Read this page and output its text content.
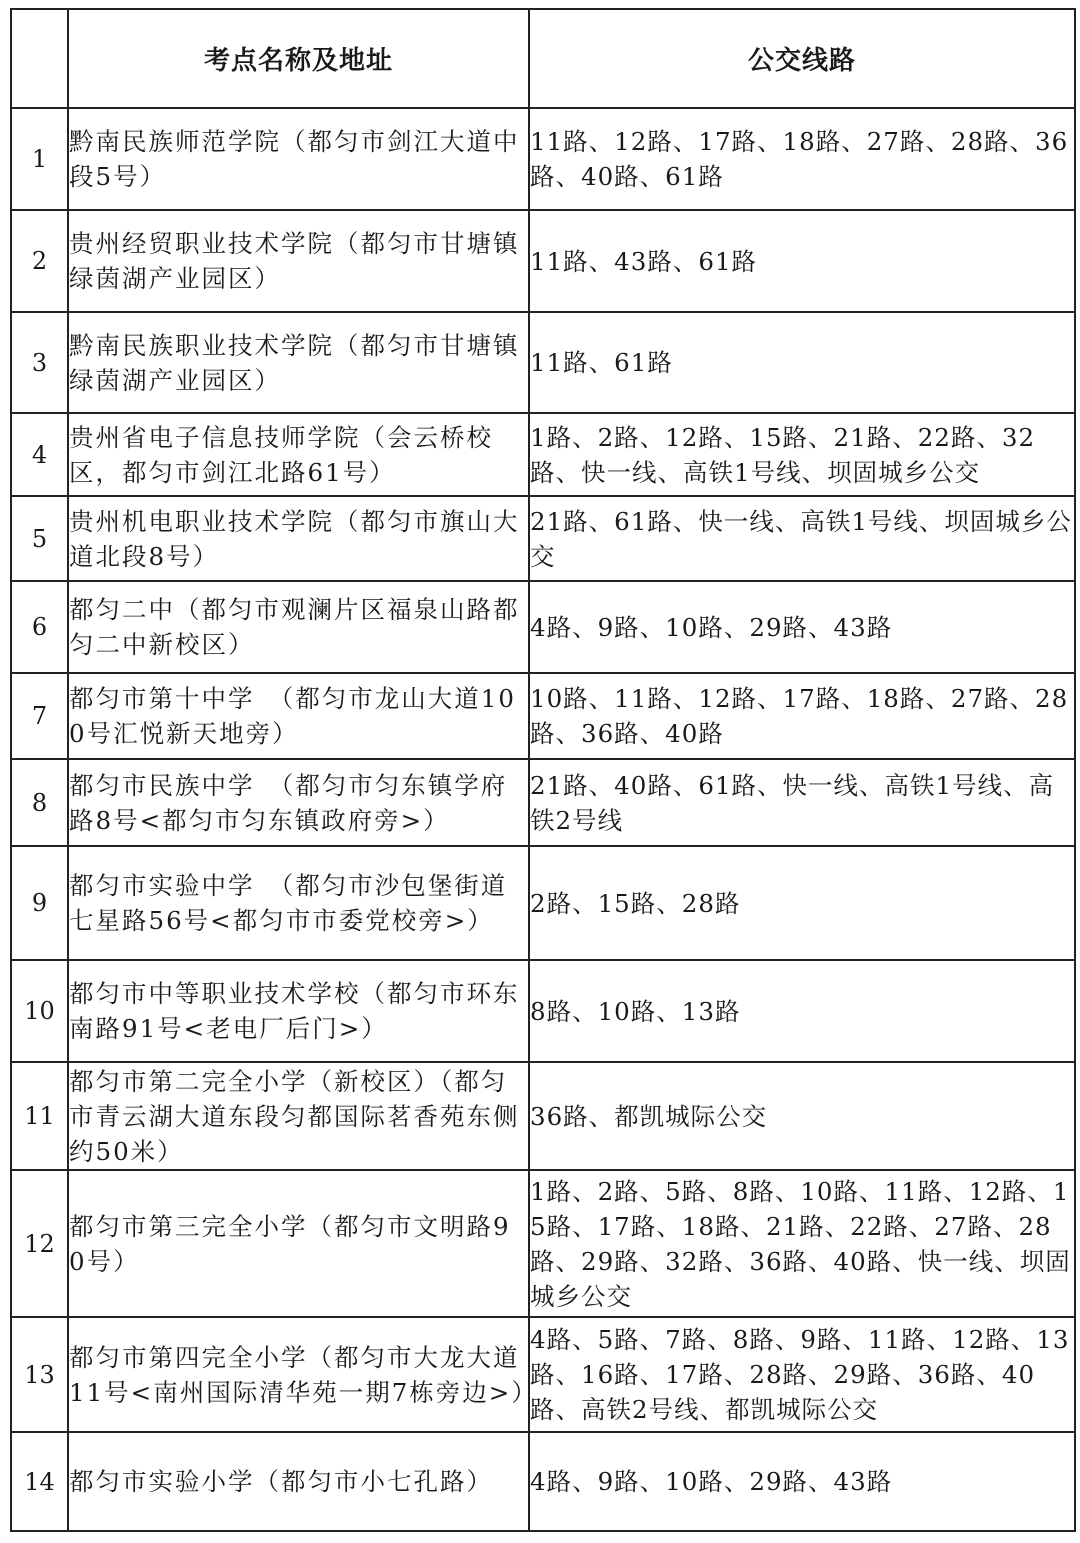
	考点名称及地址	公交线路
1	黔南民族师范学院（都匀市剑江大道中段5号）	11路、12路、17路、18路、27路、28路、36路、40路、61路
2	贵州经贸职业技术学院（都匀市甘塘镇绿茵湖产业园区）	11路、43路、61路
3	黔南民族职业技术学院（都匀市甘塘镇绿茵湖产业园区）	11路、61路
4	贵州省电子信息技师学院（会云桥校区，都匀市剑江北路61号）	1路、2路、12路、15路、21路、22路、32路、快一线、高铁1号线、坝固城乡公交
5	贵州机电职业技术学院（都匀市旗山大道北段8号）	21路、61路、快一线、高铁1号线、坝固城乡公交
6	都匀二中（都匀市观澜片区福泉山路都匀二中新校区）	4路、9路、10路、29路、43路
7	都匀市第十中学　（都匀市龙山大道100号汇悦新天地旁）	10路、11路、12路、17路、18路、27路、28路、36路、40路
8	都匀市民族中学　（都匀市匀东镇学府路8号<都匀市匀东镇政府旁>）	21路、40路、61路、快一线、高铁1号线、高铁2号线
9	都匀市实验中学　（都匀市沙包堡街道七星路56号<都匀市市委党校旁>）	2路、15路、28路
10	都匀市中等职业技术学校（都匀市环东南路91号<老电厂后门>）	8路、10路、13路
11	都匀市第二完全小学（新校区）（都匀市青云湖大道东段匀都国际茗香苑东侧约50米）	36路、都凯城际公交
12	都匀市第三完全小学（都匀市文明路90号）	1路、2路、5路、8路、10路、11路、12路、15路、17路、18路、21路、22路、27路、28路、29路、32路、36路、40路、快一线、坝固城乡公交
13	都匀市第四完全小学（都匀市大龙大道11号<南州国际清华苑一期7栋旁边>）	4路、5路、7路、8路、9路、11路、12路、13路、16路、17路、28路、29路、36路、40路、高铁2号线、都凯城际公交
14	都匀市实验小学（都匀市小七孔路）	4路、9路、10路、29路、43路
